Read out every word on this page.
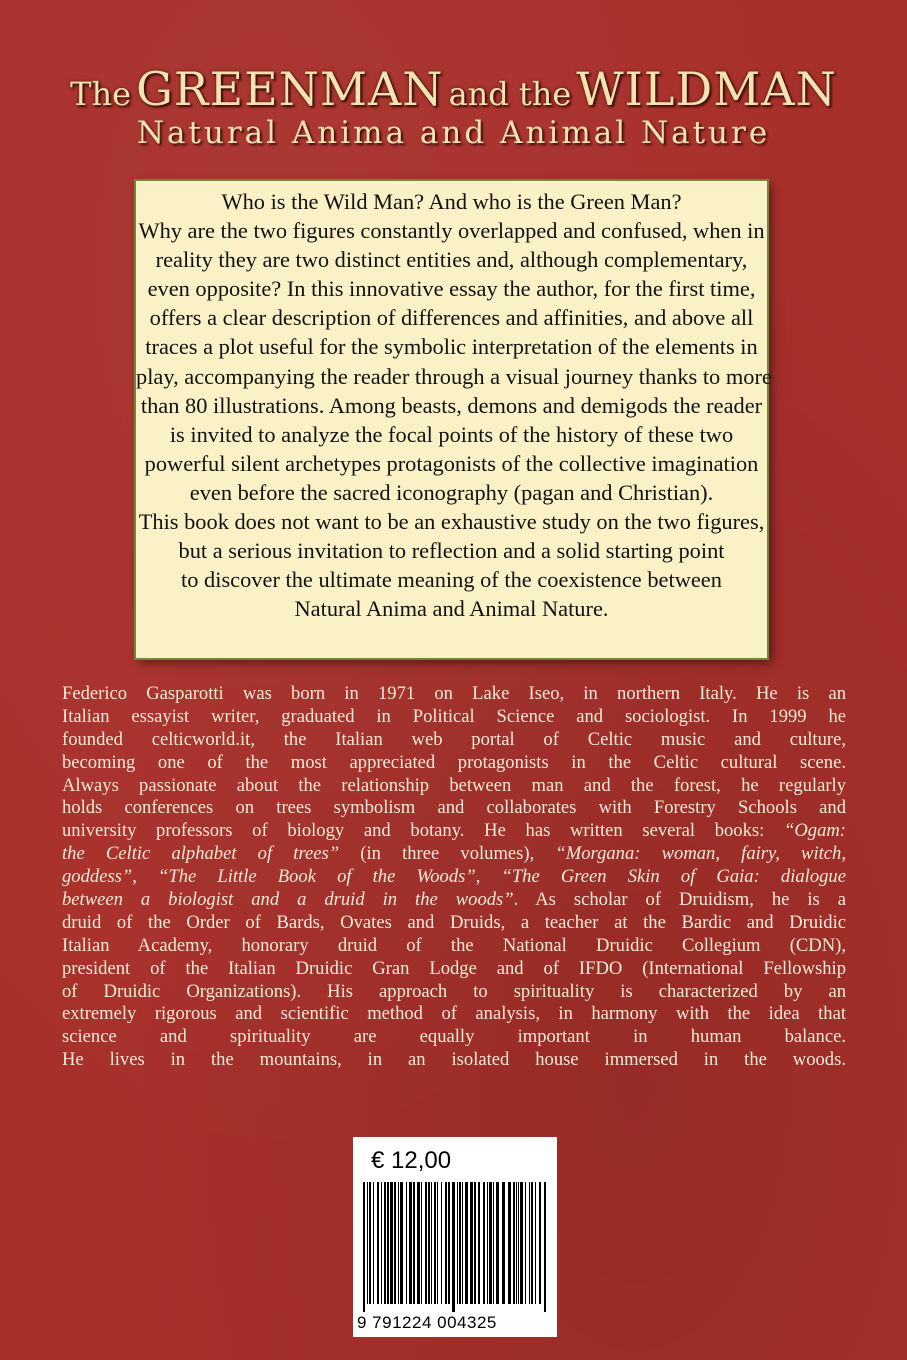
The GREENMAN and the WILDMAN
Natural Anima and Animal Nature
Who is the Wild Man? And who is the Green Man?
Why are the two figures constantly overlapped and confused, when in
reality they are two distinct entities and, although complementary,
even opposite? In this innovative essay the author, for the first time,
offers a clear description of differences and affinities, and above all
traces a plot useful for the symbolic interpretation of the elements in
play, accompanying the reader through a visual journey thanks to more
than 80 illustrations. Among beasts, demons and demigods the reader
is invited to analyze the focal points of the history of these two
powerful silent archetypes protagonists of the collective imagination
even before the sacred iconography (pagan and Christian).
This book does not want to be an exhaustive study on the two figures,
but a serious invitation to reflection and a solid starting point
to discover the ultimate meaning of the coexistence between
Natural Anima and Animal Nature.
Federico Gasparotti was born in 1971 on Lake Iseo, in northern Italy. He is an
Italian essayist writer, graduated in Political Science and sociologist. In 1999 he
founded celticworld.it, the Italian web portal of Celtic music and culture,
becoming one of the most appreciated protagonists in the Celtic cultural scene.
Always passionate about the relationship between man and the forest, he regularly
holds conferences on trees symbolism and collaborates with Forestry Schools and
university professors of biology and botany. He has written several books: “Ogam:
the Celtic alphabet of trees” (in three volumes), “Morgana: woman, fairy, witch,
goddess”, “The Little Book of the Woods”, “The Green Skin of Gaia: dialogue
between a biologist and a druid in the woods”. As scholar of Druidism, he is a
druid of the Order of Bards, Ovates and Druids, a teacher at the Bardic and Druidic
Italian Academy, honorary druid of the National Druidic Collegium (CDN),
president of the Italian Druidic Gran Lodge and of IFDO (International Fellowship
of Druidic Organizations). His approach to spirituality is characterized by an
extremely rigorous and scientific method of analysis, in harmony with the idea that
science and spirituality are equally important in human balance.
He lives in the mountains, in an isolated house immersed in the woods.
€ 12,00
9 791224 004325
